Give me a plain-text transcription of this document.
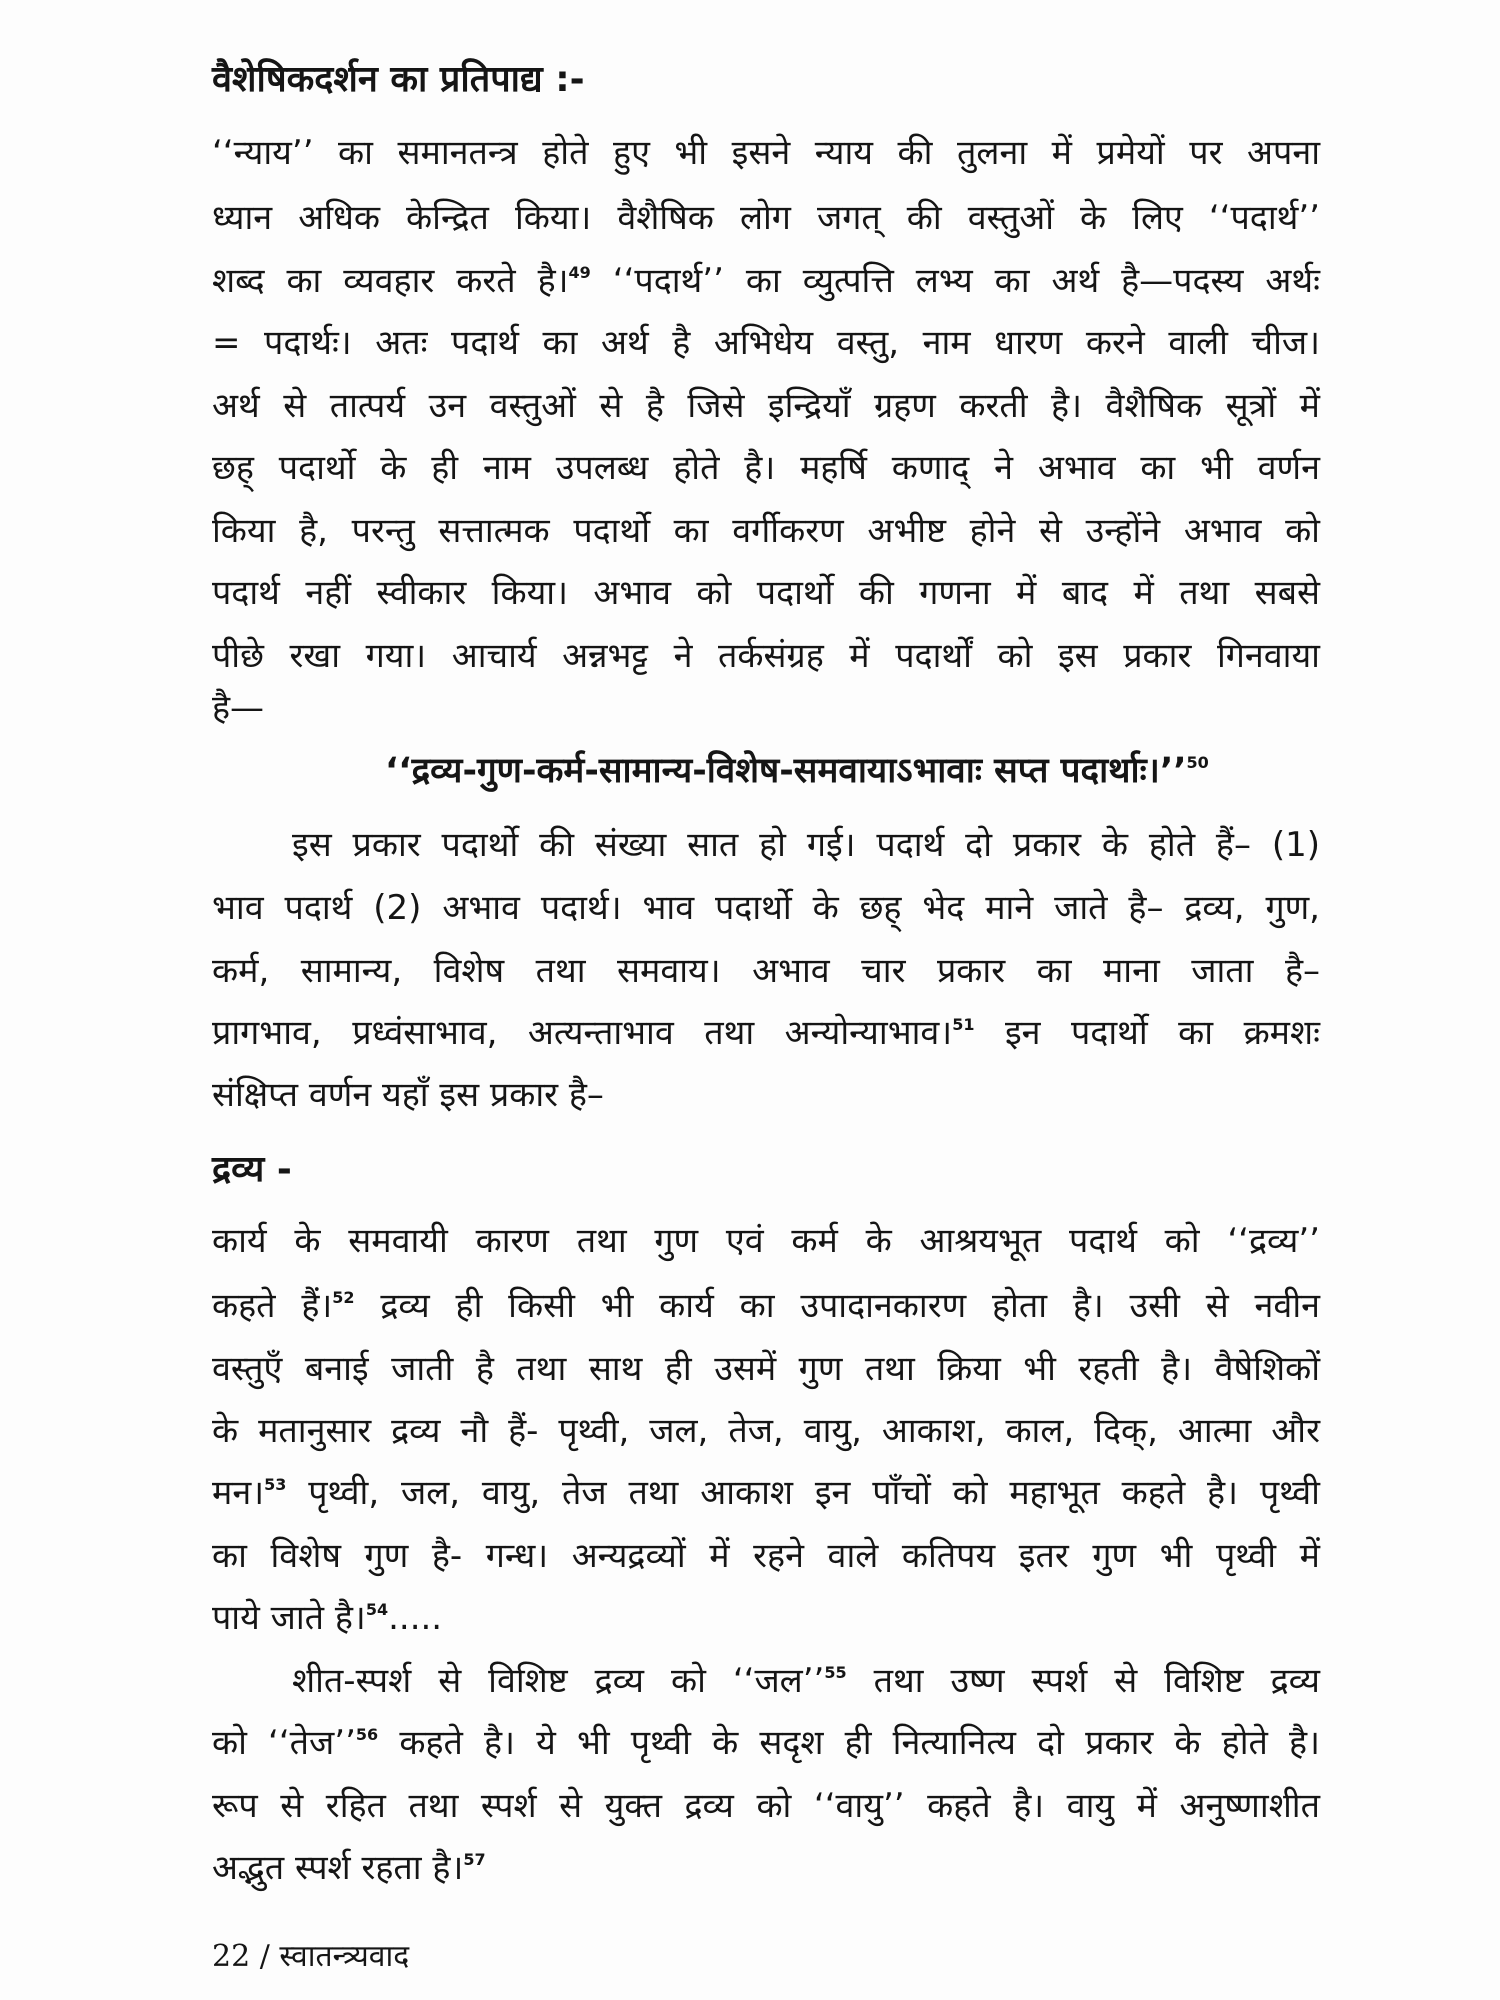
वैशेषिकदर्शन का प्रतिपाद्य :-
‘‘न्याय’’ का समानतन्त्र होते हुए भी इसने न्याय की तुलना में प्रमेयों पर अपना
ध्यान अधिक केन्द्रित किया। वैशैषिक लोग जगत् की वस्तुओं के लिए ‘‘पदार्थ’’
शब्द का व्यवहार करते है।$^{49}$ ‘‘पदार्थ’’ का व्युत्पत्ति लभ्य का अर्थ है—पदस्य अर्थः
= पदार्थः। अतः पदार्थ का अर्थ है अभिधेय वस्तु, नाम धारण करने वाली चीज।
अर्थ से तात्पर्य उन वस्तुओं से है जिसे इन्द्रियाँ ग्रहण करती है। वैशैषिक सूत्रों में
छह् पदार्थो के ही नाम उपलब्ध होते है। महर्षि कणाद् ने अभाव का भी वर्णन
किया है, परन्तु सत्तात्मक पदार्थो का वर्गीकरण अभीष्ट होने से उन्होंने अभाव को
पदार्थ नहीं स्वीकार किया। अभाव को पदार्थो की गणना में बाद में तथा सबसे
पीछे रखा गया। आचार्य अन्नभट्ट ने तर्कसंग्रह में पदार्थों को इस प्रकार गिनवाया
है—
‘‘द्रव्य-गुण-कर्म-सामान्य-विशेष-समवायाऽभावाः सप्त पदार्थाः।’’$^{50}$
इस प्रकार पदार्थो की संख्या सात हो गई। पदार्थ दो प्रकार के होते हैं– (1)
भाव पदार्थ (2) अभाव पदार्थ। भाव पदार्थो के छह् भेद माने जाते है– द्रव्य, गुण,
कर्म, सामान्य, विशेष तथा समवाय। अभाव चार प्रकार का माना जाता है–
प्रागभाव, प्रध्वंसाभाव, अत्यन्ताभाव तथा अन्योन्याभाव।$^{51}$ इन पदार्थो का क्रमशः
संक्षिप्त वर्णन यहाँ इस प्रकार है–
द्रव्य -
कार्य के समवायी कारण तथा गुण एवं कर्म के आश्रयभूत पदार्थ को ‘‘द्रव्य’’
कहते हैं।$^{52}$ द्रव्य ही किसी भी कार्य का उपादानकारण होता है। उसी से नवीन
वस्तुएँ बनाई जाती है तथा साथ ही उसमें गुण तथा क्रिया भी रहती है। वैषेशिकों
के मतानुसार द्रव्य नौ हैं- पृथ्वी, जल, तेज, वायु, आकाश, काल, दिक्, आत्मा और
मन।$^{53}$ पृथ्वी, जल, वायु, तेज तथा आकाश इन पाँचों को महाभूत कहते है। पृथ्वी
का विशेष गुण है- गन्ध। अन्यद्रव्यों में रहने वाले कतिपय इतर गुण भी पृथ्वी में
पाये जाते है।$^{54}$.....
शीत-स्पर्श से विशिष्ट द्रव्य को ‘‘जल’’$^{55}$ तथा उष्ण स्पर्श से विशिष्ट द्रव्य
को ‘‘तेज’’$^{56}$ कहते है। ये भी पृथ्वी के सदृश ही नित्यानित्य दो प्रकार के होते है।
रूप से रहित तथा स्पर्श से युक्त द्रव्य को ‘‘वायु’’ कहते है। वायु में अनुष्णाशीत
अद्भुत स्पर्श रहता है।$^{57}$
22 / स्वातन्त्र्यवाद
